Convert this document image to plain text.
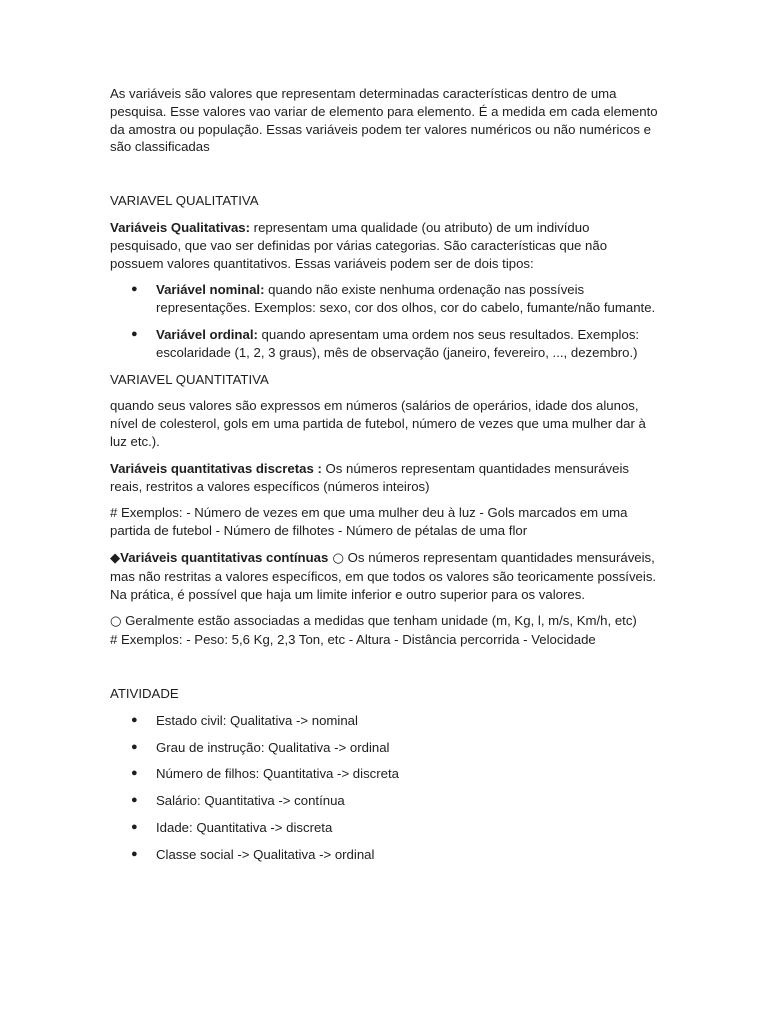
As variáveis são valores que representam determinadas características dentro de uma pesquisa. Esse valores vao variar de elemento para elemento. É a medida em cada elemento da amostra ou população. Essas variáveis podem ter valores numéricos ou não numéricos e são classificadas

VARIAVEL QUALITATIVA

Variáveis Qualitativas: representam uma qualidade (ou atributo) de um indivíduo pesquisado, que vao ser definidas por várias categorias. São características que não possuem valores quantitativos. Essas variáveis podem ser de dois tipos:

● Variável nominal: quando não existe nenhuma ordenação nas possíveis representações. Exemplos: sexo, cor dos olhos, cor do cabelo, fumante/não fumante.
● Variável ordinal: quando apresentam uma ordem nos seus resultados. Exemplos: escolaridade (1, 2, 3 graus), mês de observação (janeiro, fevereiro, ..., dezembro.)

VARIAVEL QUANTITATIVA

quando seus valores são expressos em números (salários de operários, idade dos alunos, nível de colesterol, gols em uma partida de futebol, número de vezes que uma mulher dar à luz etc.).

Variáveis quantitativas discretas : Os números representam quantidades mensuráveis reais, restritos a valores específicos (números inteiros)

# Exemplos: - Número de vezes em que uma mulher deu à luz - Gols marcados em uma partida de futebol - Número de filhotes - Número de pétalas de uma flor

◆Variáveis quantitativas contínuas ○ Os números representam quantidades mensuráveis, mas não restritas a valores específicos, em que todos os valores são teoricamente possíveis. Na prática, é possível que haja um limite inferior e outro superior para os valores.

○ Geralmente estão associadas a medidas que tenham unidade (m, Kg, l, m/s, Km/h, etc)

# Exemplos: - Peso: 5,6 Kg, 2,3 Ton, etc - Altura - Distância percorrida - Velocidade

ATIVIDADE

● Estado civil: Qualitativa -> nominal
● Grau de instrução: Qualitativa -> ordinal
● Número de filhos: Quantitativa -> discreta
● Salário: Quantitativa -> contínua
● Idade: Quantitativa -> discreta
● Classe social -> Qualitativa -> ordinal
